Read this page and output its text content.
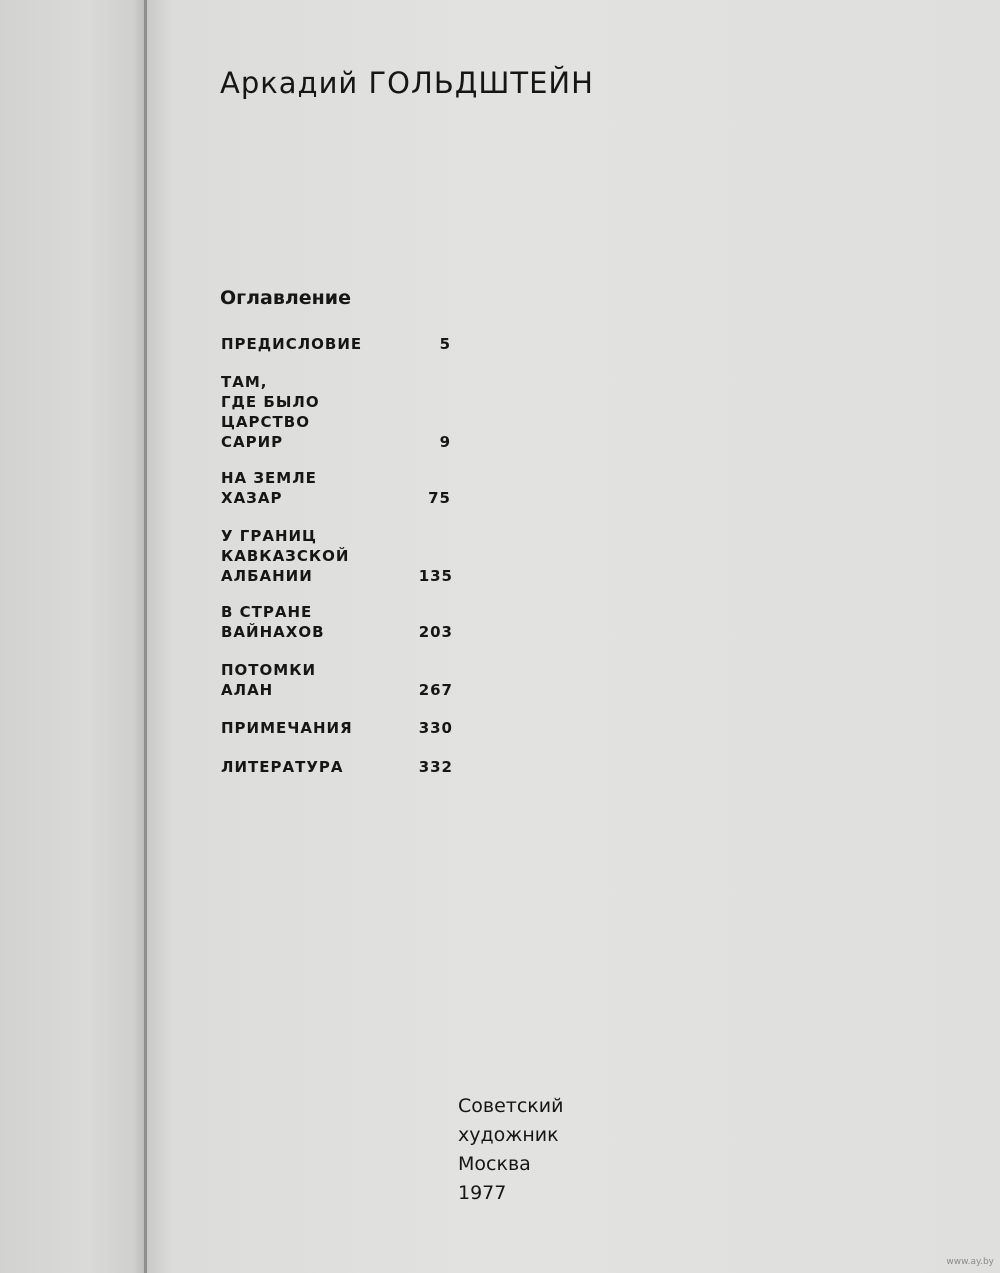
Аркадий ГОЛЬДШТЕЙН
Оглавление
ПРЕДИСЛОВИЕ	5
ТАМ,
ГДЕ БЫЛО
ЦАРСТВО
САРИР	9
НА ЗЕМЛЕ
ХАЗАР	75
У ГРАНИЦ
КАВКАЗСКОЙ
АЛБАНИИ	135
В СТРАНЕ
ВАЙНАХОВ	203
ПОТОМКИ
АЛАН	267
ПРИМЕЧАНИЯ	330
ЛИТЕРАТУРА	332
Советский
художник
Москва
1977
www.ay.by
